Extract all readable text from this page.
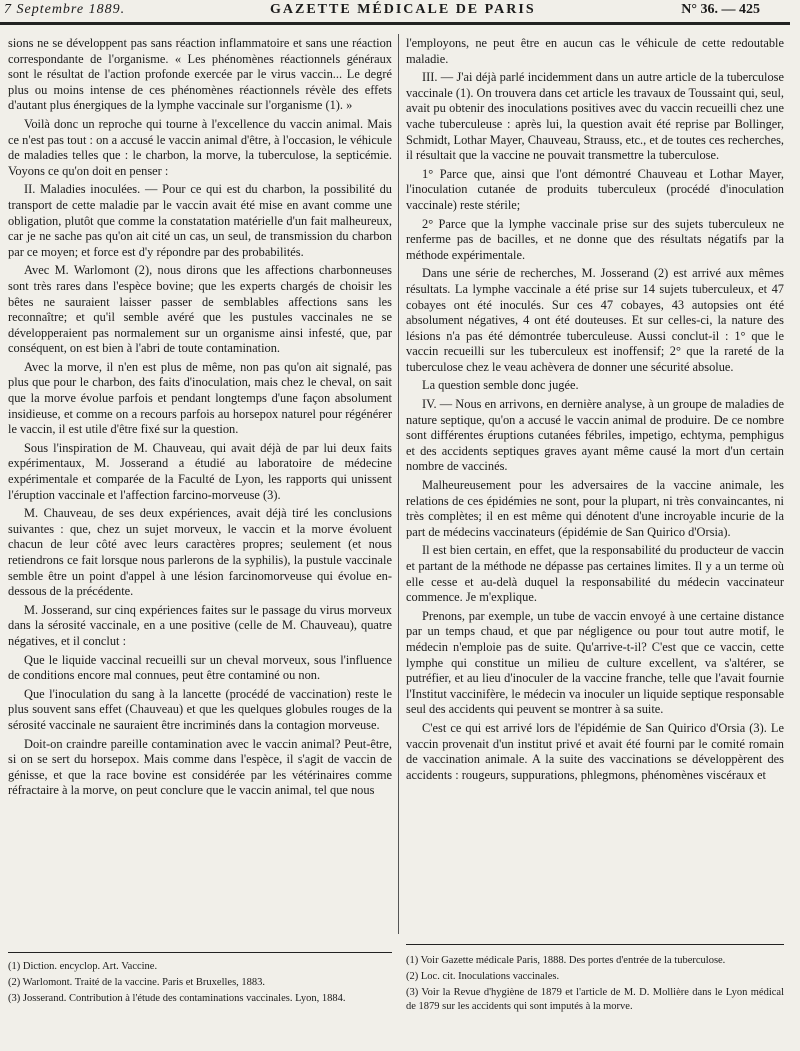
7 Septembre 1889.	GAZETTE MÉDICALE DE PARIS	N° 36. — 425

sions ne se développent pas sans réaction inflammatoire et sans une réaction correspondante de l'organisme. « Les phénomènes réactionnels généraux sont le résultat de l'action profonde exercée par le virus vaccin... Le degré plus ou moins intense de ces phénomènes réactionnels révèle des effets d'autant plus énergiques de la lymphe vaccinale sur l'organisme (1). »

Voilà donc un reproche qui tourne à l'excellence du vaccin animal. Mais ce n'est pas tout : on a accusé le vaccin animal d'être, à l'occasion, le véhicule de maladies telles que : le charbon, la morve, la tuberculose, la septicémie. Voyons ce qu'on doit en penser :

II. Maladies inoculées. — Pour ce qui est du charbon, la possibilité du transport de cette maladie par le vaccin avait été mise en avant comme une obligation, plutôt que comme la constatation matérielle d'un fait malheureux, car je ne sache pas qu'on ait cité un cas, un seul, de transmission du charbon par ce moyen; et force est d'y répondre par des probabilités.

Avec M. Warlomont (2), nous dirons que les affections charbonneuses sont très rares dans l'espèce bovine; que les experts chargés de choisir les bêtes ne sauraient laisser passer de semblables affections sans les reconnaître; et qu'il semble avéré que les pustules vaccinales ne se développeraient pas normalement sur un organisme ainsi infesté, que, par conséquent, on est bien à l'abri de toute contamination.

Avec la morve, il n'en est plus de même, non pas qu'on ait signalé, pas plus que pour le charbon, des faits d'inoculation, mais chez le cheval, on sait que la morve évolue parfois et pendant longtemps d'une façon absolument insidieuse, et comme on a recours parfois au horsepox naturel pour régénérer le vaccin, il est utile d'être fixé sur la question.

Sous l'inspiration de M. Chauveau, qui avait déjà de par lui deux faits expérimentaux, M. Josserand a étudié au laboratoire de médecine expérimentale et comparée de la Faculté de Lyon, les rapports qui unissent l'éruption vaccinale et l'affection farcino-morveuse (3).

M. Chauveau, de ses deux expériences, avait déjà tiré les conclusions suivantes : que, chez un sujet morveux, le vaccin et la morve évoluent chacun de leur côté avec leurs caractères propres; seulement (et nous retiendrons ce fait lorsque nous parlerons de la syphilis), la pustule vaccinale semble être un point d'appel à une lésion farcinomorveuse qui évolue en-dessous de la précédente.

M. Josserand, sur cinq expériences faites sur le passage du virus morveux dans la sérosité vaccinale, en a une positive (celle de M. Chauveau), quatre négatives, et il conclut :

Que le liquide vaccinal recueilli sur un cheval morveux, sous l'influence de conditions encore mal connues, peut être contaminé ou non.

Que l'inoculation du sang à la lancette (procédé de vaccination) reste le plus souvent sans effet (Chauveau) et que les quelques globules rouges de la sérosité vaccinale ne sauraient être incriminés dans la contagion morveuse.

Doit-on craindre pareille contamination avec le vaccin animal? Peut-être, si on se sert du horsepox. Mais comme dans l'espèce, il s'agit de vaccin de génisse, et que la race bovine est considérée par les vétérinaires comme réfractaire à la morve, on peut conclure que le vaccin animal, tel que nous

l'employons, ne peut être en aucun cas le véhicule de cette redoutable maladie.

III. — J'ai déjà parlé incidemment dans un autre article de la tuberculose vaccinale (1). On trouvera dans cet article les travaux de Toussaint qui, seul, avait pu obtenir des inoculations positives avec du vaccin recueilli chez une vache tuberculeuse : après lui, la question avait été reprise par Bollinger, Schmidt, Lothar Mayer, Chauveau, Strauss, etc., et de toutes ces recherches, il résultait que la vaccine ne pouvait transmettre la tuberculose.

1° Parce que, ainsi que l'ont démontré Chauveau et Lothar Mayer, l'inoculation cutanée de produits tuberculeux (procédé d'inoculation vaccinale) reste stérile;

2° Parce que la lymphe vaccinale prise sur des sujets tuberculeux ne renferme pas de bacilles, et ne donne que des résultats négatifs par la méthode expérimentale.

Dans une série de recherches, M. Josserand (2) est arrivé aux mêmes résultats. La lymphe vaccinale a été prise sur 14 sujets tuberculeux, et 47 cobayes ont été inoculés. Sur ces 47 cobayes, 43 autopsies ont été absolument négatives, 4 ont été douteuses. Et sur celles-ci, la nature des lésions n'a pas été démontrée tuberculeuse. Aussi conclut-il : 1° que le vaccin recueilli sur les tuberculeux est inoffensif; 2° que la rareté de la tuberculose chez le veau achèvera de donner une sécurité absolue.

La question semble donc jugée.

IV. — Nous en arrivons, en dernière analyse, à un groupe de maladies de nature septique, qu'on a accusé le vaccin animal de produire. De ce nombre sont différentes éruptions cutanées fébriles, impetigo, echtyma, pemphigus et des accidents septiques graves ayant même causé la mort d'un certain nombre de vaccinés.

Malheureusement pour les adversaires de la vaccine animale, les relations de ces épidémies ne sont, pour la plupart, ni très convaincantes, ni très complètes; il en est même qui dénotent d'une incroyable incurie de la part de médecins vaccinateurs (épidémie de San Quirico d'Orsia).

Il est bien certain, en effet, que la responsabilité du producteur de vaccin et partant de la méthode ne dépasse pas certaines limites. Il y a un terme où elle cesse et au-delà duquel la responsabilité du médecin vaccinateur commence. Je m'explique.

Prenons, par exemple, un tube de vaccin envoyé à une certaine distance par un temps chaud, et que par négligence ou pour tout autre motif, le médecin n'emploie pas de suite. Qu'arrive-t-il? C'est que ce vaccin, cette lymphe qui constitue un milieu de culture excellent, va s'altérer, se putréfier, et au lieu d'inoculer de la vaccine franche, telle que l'avait fournie l'Institut vaccinifère, le médecin va inoculer un liquide septique responsable seul des accidents qui peuvent se montrer à sa suite.

C'est ce qui est arrivé lors de l'épidémie de San Quirico d'Orsia (3). Le vaccin provenait d'un institut privé et avait été fourni par le comité romain de vaccination animale. A la suite des vaccinations se développèrent des accidents : rougeurs, suppurations, phlegmons, phénomènes viscéraux et

(1) Diction. encyclop. Art. Vaccine.
(2) Warlomont. Traité de la vaccine. Paris et Bruxelles, 1883.
(3) Josserand. Contribution à l'étude des contaminations vaccinales. Lyon, 1884.
(1) Voir Gazette médicale Paris, 1888. Des portes d'entrée de la tuberculose.
(2) Loc. cit. Inoculations vaccinales.
(3) Voir la Revue d'hygiène de 1879 et l'article de M. D. Mollière dans le Lyon médical de 1879 sur les accidents qui sont imputés à la morve.
